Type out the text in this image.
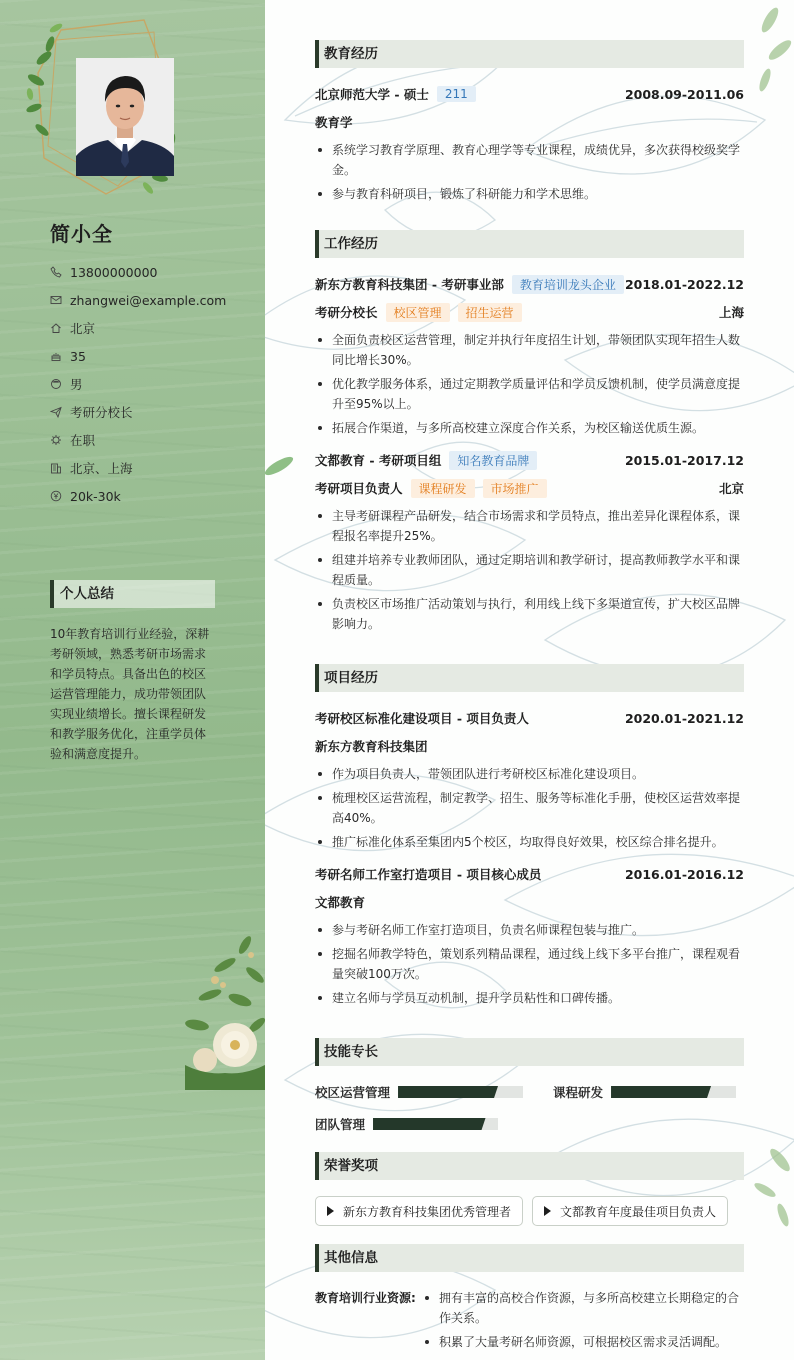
简小全
13800000000
zhangwei@example.com
北京
35
男
考研分校长
在职
北京、上海
20k-30k
个人总结
10年教育培训行业经验，深耕考研领域，熟悉考研市场需求和学员特点。具备出色的校区运营管理能力，成功带领团队实现业绩增长。擅长课程研发和教学服务优化，注重学员体验和满意度提升。
教育经历
北京师范大学 - 硕士	211	2008.09-2011.06
教育学
系统学习教育学原理、教育心理学等专业课程，成绩优异，多次获得校级奖学金。
参与教育科研项目，锻炼了科研能力和学术思维。
工作经历
新东方教育科技集团 - 考研事业部	教育培训龙头企业 2018.01-2022.12
考研分校长	校区管理	招生运营	上海
全面负责校区运营管理，制定并执行年度招生计划，带领团队实现年招生人数同比增长30%。
优化教学服务体系，通过定期教学质量评估和学员反馈机制，使学员满意度提升至95%以上。
拓展合作渠道，与多所高校建立深度合作关系，为校区输送优质生源。
文都教育 - 考研项目组	知名教育品牌	2015.01-2017.12
考研项目负责人	课程研发	市场推广	北京
主导考研课程产品研发，结合市场需求和学员特点，推出差异化课程体系，课程报名率提升25%。
组建并培养专业教师团队，通过定期培训和教学研讨，提高教师教学水平和课程质量。
负责校区市场推广活动策划与执行，利用线上线下多渠道宣传，扩大校区品牌影响力。
项目经历
考研校区标准化建设项目 - 项目负责人	2020.01-2021.12
新东方教育科技集团
作为项目负责人，带领团队进行考研校区标准化建设项目。
梳理校区运营流程，制定教学、招生、服务等标准化手册，使校区运营效率提高40%。
推广标准化体系至集团内5个校区，均取得良好效果，校区综合排名提升。
考研名师工作室打造项目 - 项目核心成员	2016.01-2016.12
文都教育
参与考研名师工作室打造项目，负责名师课程包装与推广。
挖掘名师教学特色，策划系列精品课程，通过线上线下多平台推广，课程观看量突破100万次。
建立名师与学员互动机制，提升学员粘性和口碑传播。
技能专长
校区运营管理	课程研发
团队管理
荣誉奖项
新东方教育科技集团优秀管理者	文都教育年度最佳项目负责人
其他信息
教育培训行业资源:	拥有丰富的高校合作资源，与多所高校建立长期稳定的合作关系。
积累了大量考研名师资源，可根据校区需求灵活调配。
